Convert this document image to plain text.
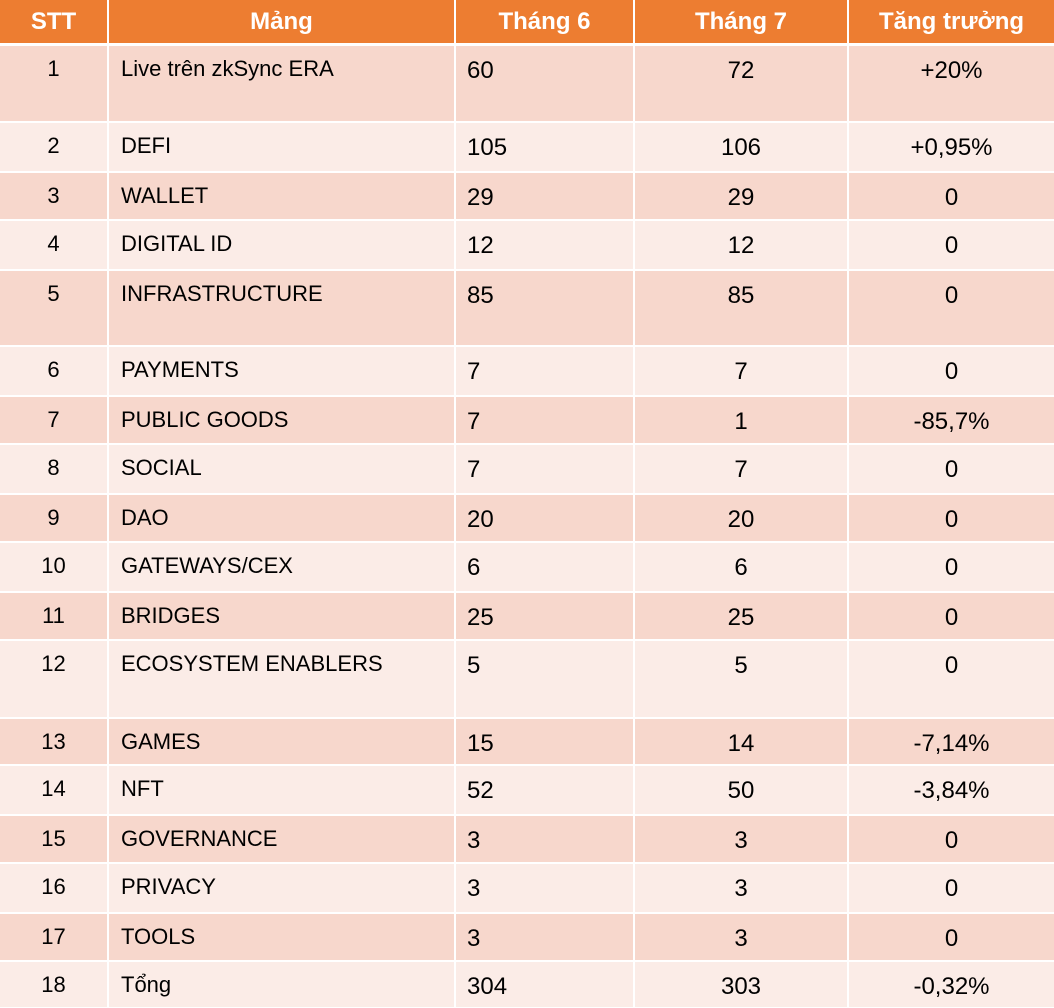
STT	Mảng	Tháng 6	Tháng 7	Tăng trưởng
1	Live trên zkSync ERA	60	72	+20%
2	DEFI	105	106	+0,95%
3	WALLET	29	29	0
4	DIGITAL ID	12	12	0
5	INFRASTRUCTURE	85	85	0
6	PAYMENTS	7	7	0
7	PUBLIC GOODS	7	1	-85,7%
8	SOCIAL	7	7	0
9	DAO	20	20	0
10	GATEWAYS/CEX	6	6	0
11	BRIDGES	25	25	0
12	ECOSYSTEM ENABLERS	5	5	0
13	GAMES	15	14	-7,14%
14	NFT	52	50	-3,84%
15	GOVERNANCE	3	3	0
16	PRIVACY	3	3	0
17	TOOLS	3	3	0
18	Tổng	304	303	-0,32%
